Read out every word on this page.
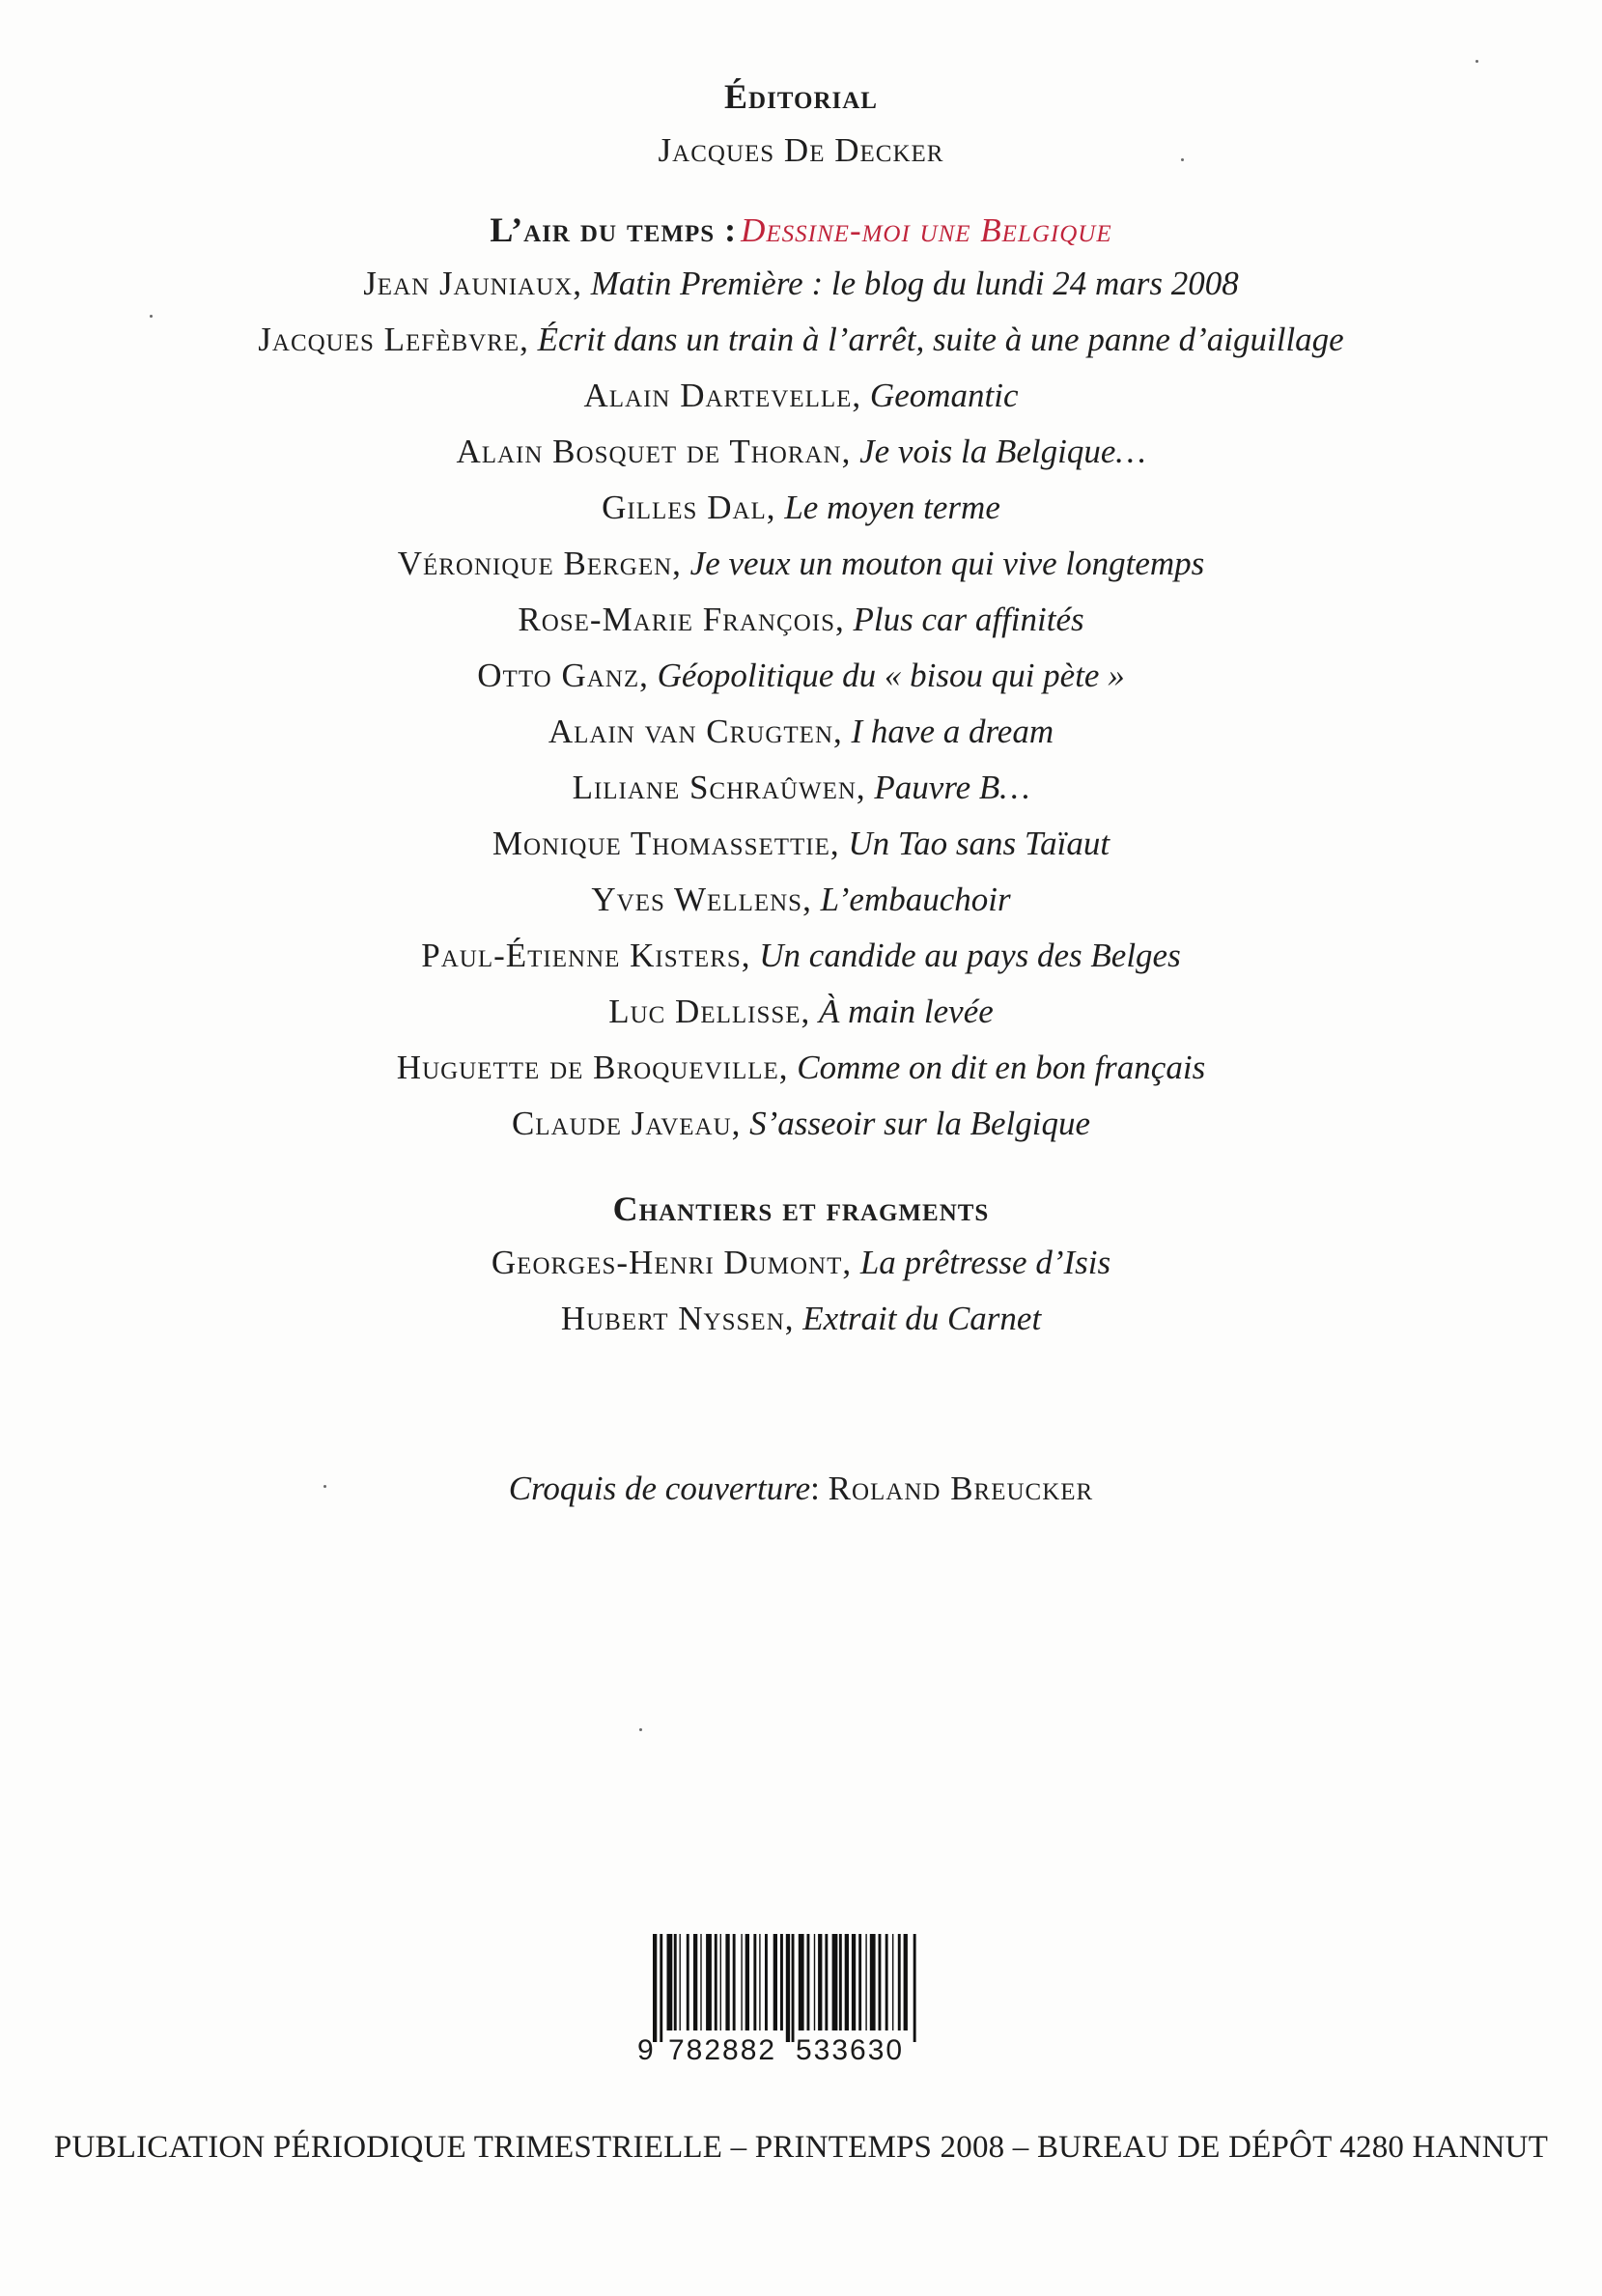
Éditorial
Jacques De Decker
L’air du temps : Dessine-moi une Belgique
Jean Jauniaux, Matin Première : le blog du lundi 24 mars 2008
Jacques Lefèbvre, Écrit dans un train à l’arrêt, suite à une panne d’aiguillage
Alain Dartevelle, Geomantic
Alain Bosquet de Thoran, Je vois la Belgique…
Gilles Dal, Le moyen terme
Véronique Bergen, Je veux un mouton qui vive longtemps
Rose-Marie François, Plus car affinités
Otto Ganz, Géopolitique du « bisou qui pète »
Alain van Crugten, I have a dream
Liliane Schraûwen, Pauvre B…
Monique Thomassettie, Un Tao sans Taïaut
Yves Wellens, L’embauchoir
Paul-Étienne Kisters, Un candide au pays des Belges
Luc Dellisse, À main levée
Huguette de Broqueville, Comme on dit en bon français
Claude Javeau, S’asseoir sur la Belgique
Chantiers et fragments
Georges-Henri Dumont, La prêtresse d’Isis
Hubert Nyssen, Extrait du Carnet
Croquis de couverture: Roland Breucker
9 782882 533630
PUBLICATION PÉRIODIQUE TRIMESTRIELLE – PRINTEMPS 2008 – BUREAU DE DÉPÔT 4280 HANNUT
